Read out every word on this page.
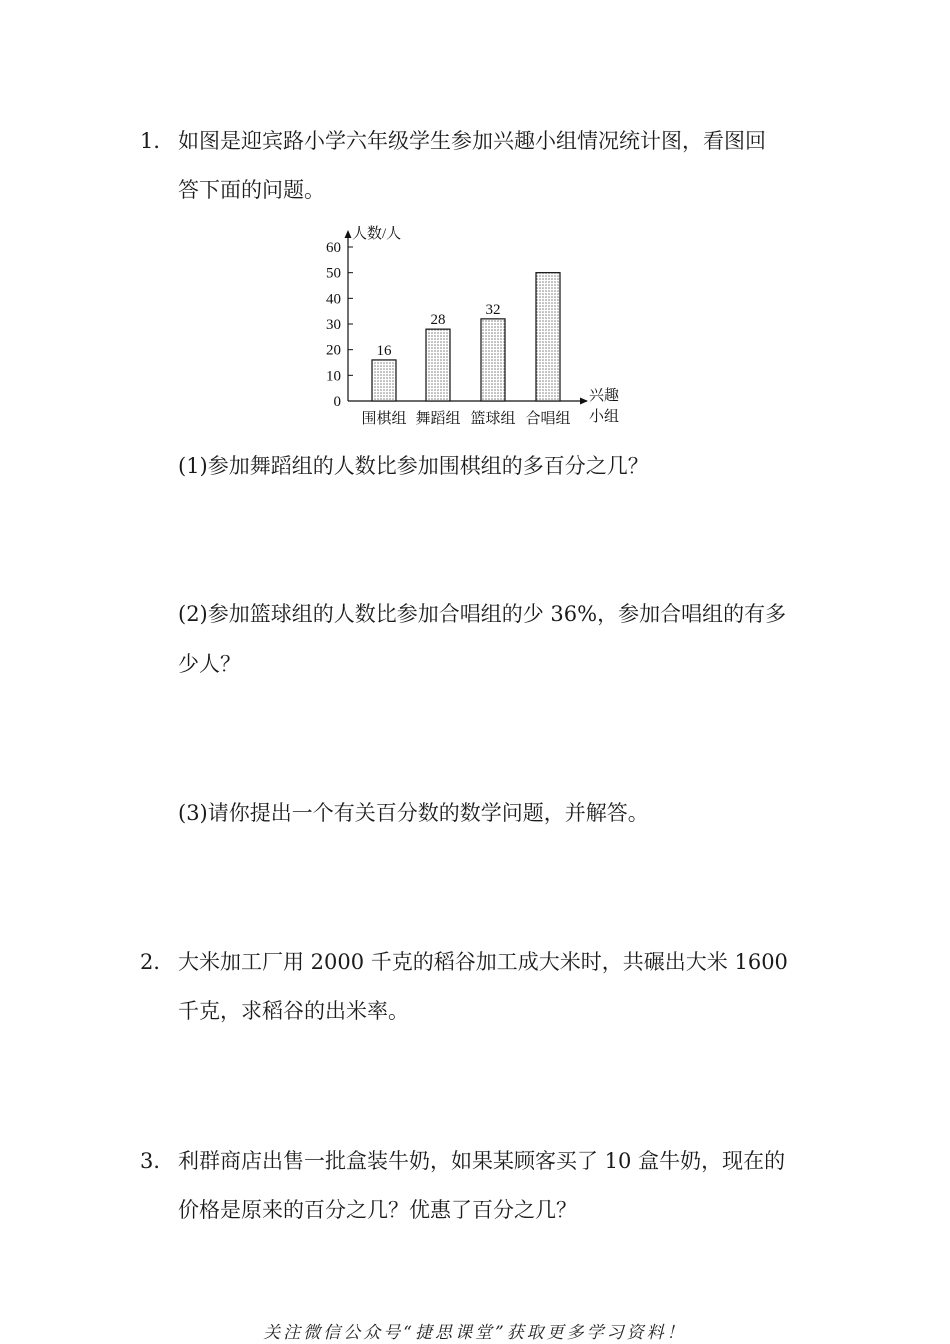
1． 如图是迎宾路小学六年级学生参加兴趣小组情况统计图，看图回
答下面的问题。
0
10
20
30
40
50
60
人数/人
兴趣
小组
16
围棋组
28
舞蹈组
32
篮球组 合唱组
(1)参加舞蹈组的人数比参加围棋组的多百分之几？
(2)参加篮球组的人数比参加合唱组的少 36%，参加合唱组的有多
少人？
(3)请你提出一个有关百分数的数学问题，并解答。
2． 大米加工厂用 2000 千克的稻谷加工成大米时，共碾出大米 1600
千克，求稻谷的出米率。
3． 利群商店出售一批盒装牛奶，如果某顾客买了 10 盒牛奶，现在的
价格是原来的百分之几？优惠了百分之几？
关注微信公众号“捷思课堂”获取更多学习资料！
